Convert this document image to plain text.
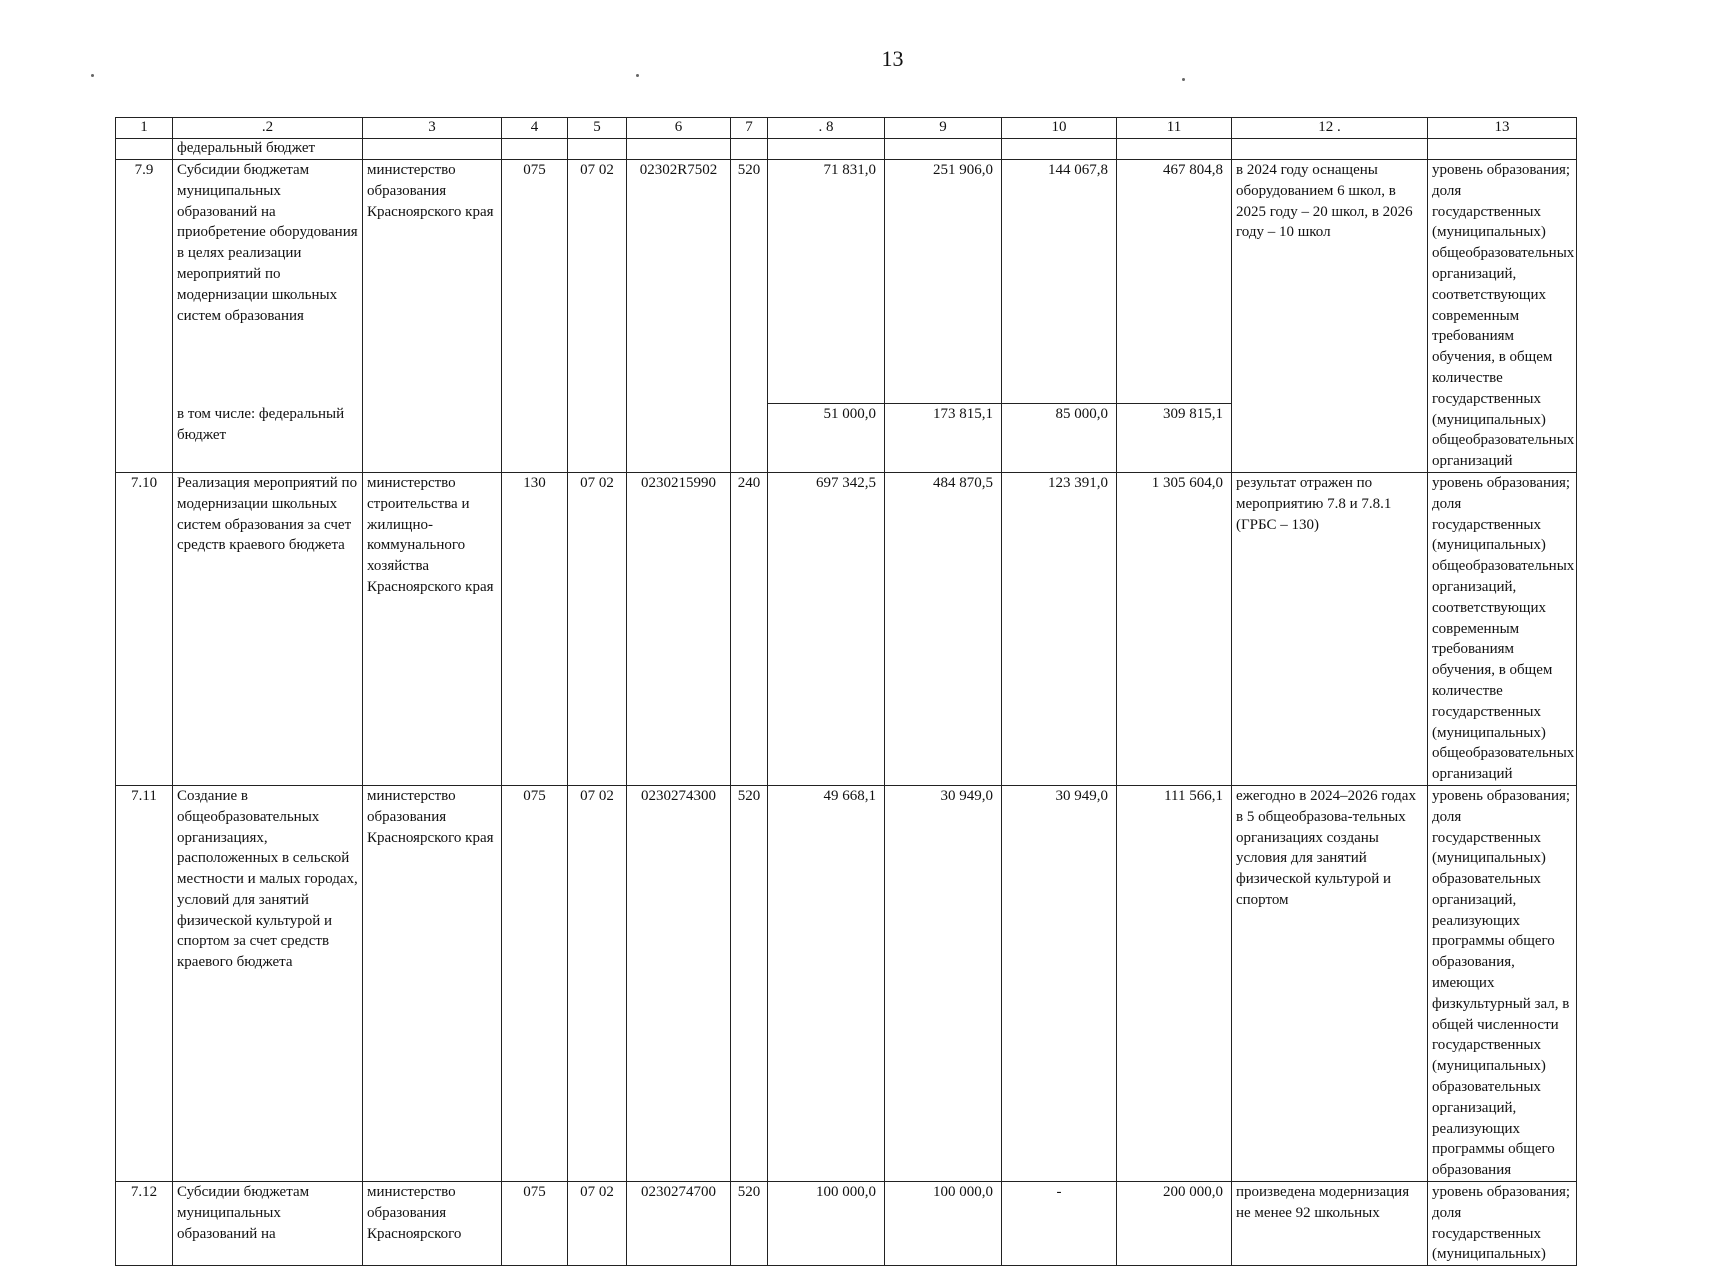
13
1	.2	3	4	5	6	7	. 8	9	10	11	12 .	13
	федеральный бюджет											
7.9	Субсидии бюджетам муниципальных образований на приобретение оборудования в целях реализации мероприятий по модернизации школьных систем образования	министерство образования Красноярского края	075	07 02	02302R7502	520	71 831,0	251 906,0	144 067,8	467 804,8	в 2024 году оснащены оборудованием 6 школ, в 2025 году – 20 школ, в 2026 году – 10 школ	уровень образования; доля государственных (муниципальных) общеобразовательных организаций, соответствующих современным требованиям обучения, в общем количестве государственных (муниципальных) общеобразовательных организаций
	в том числе: федеральный бюджет						51 000,0	173 815,1	85 000,0	309 815,1		
7.10	Реализация мероприятий по модернизации школьных систем образования за счет средств краевого бюджета	министерство строительства и жилищно-коммунального хозяйства Красноярского края	130	07 02	0230215990	240	697 342,5	484 870,5	123 391,0	1 305 604,0	результат отражен по мероприятию 7.8 и 7.8.1 (ГРБС – 130)	уровень образования; доля государственных (муниципальных) общеобразовательных организаций, соответствующих современным требованиям обучения, в общем количестве государственных (муниципальных) общеобразовательных организаций
7.11	Создание в общеобразовательных организациях, расположенных в сельской местности и малых городах, условий для занятий физической культурой и спортом за счет средств краевого бюджета	министерство образования Красноярского края	075	07 02	0230274300	520	49 668,1	30 949,0	30 949,0	111 566,1	ежегодно в 2024–2026 годах в 5 общеобразова-тельных организациях созданы условия для занятий физической культурой и спортом	уровень образования; доля государственных (муниципальных) образовательных организаций, реализующих программы общего образования, имеющих физкультурный зал, в общей численности государственных (муниципальных) образовательных организаций, реализующих программы общего образования
7.12	Субсидии бюджетам муниципальных образований на	министерство образования Красноярского	075	07 02	0230274700	520	100 000,0	100 000,0	-	200 000,0	произведена модернизация не менее 92 школьных	уровень образования; доля государственных (муниципальных)
